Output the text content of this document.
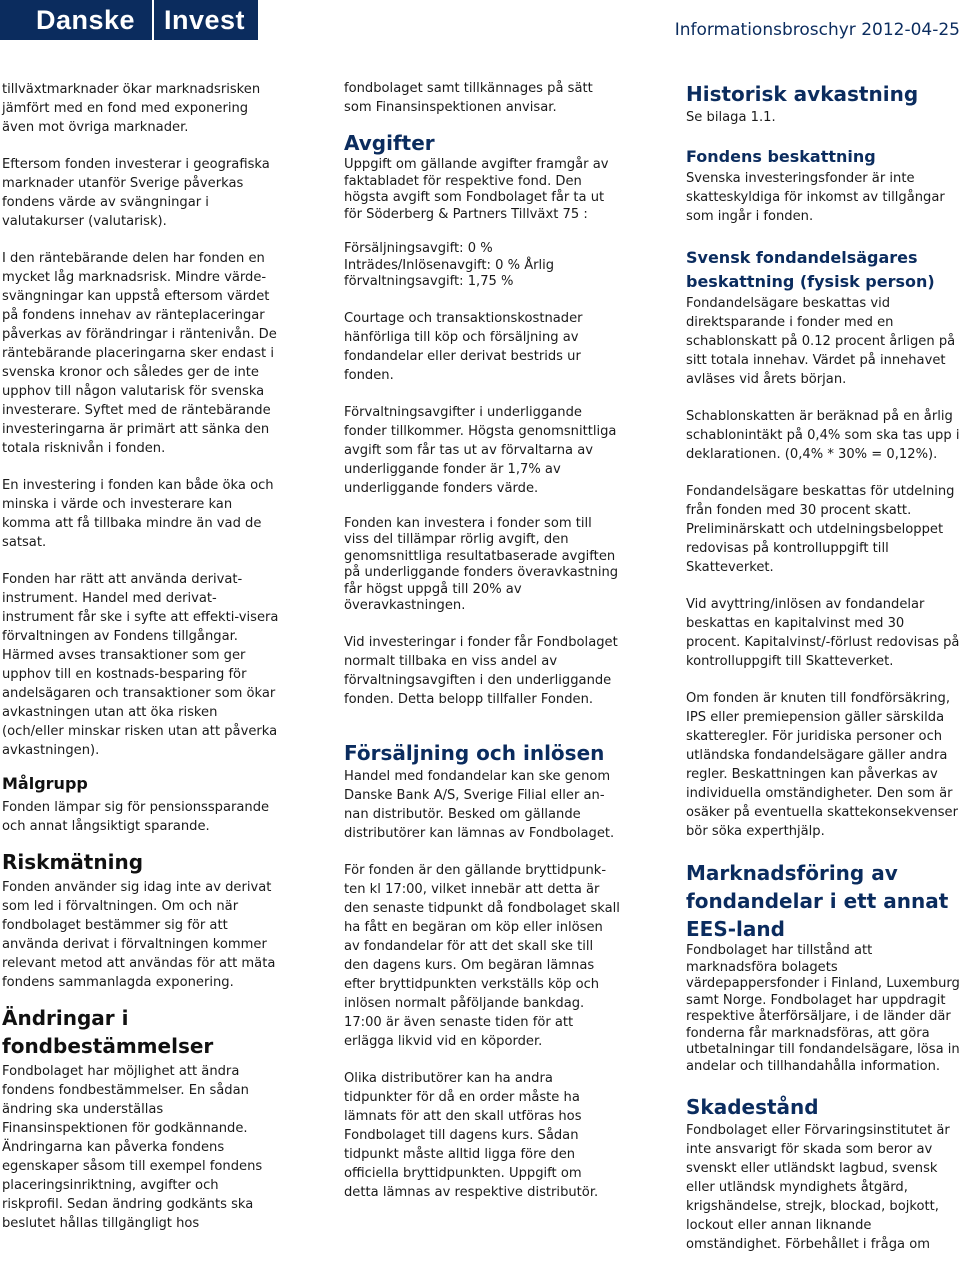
Danske	Invest	Informationsbroschyr 2012-04-25

tillväxtmarknader ökar marknadsrisken jämfört med en fond med exponering även mot övriga marknader.

Eftersom fonden investerar i geografiska marknader utanför Sverige påverkas fondens värde av svängningar i valutakurser (valutarisk).

I den räntebärande delen har fonden en mycket låg marknadsrisk. Mindre värde-svängningar kan uppstå eftersom värdet på fondens innehav av ränteplaceringar påverkas av förändringar i räntenivån. De räntebärande placeringarna sker endast i svenska kronor och således ger de inte upphov till någon valutarisk för svenska investerare. Syftet med de räntebärande investeringarna är primärt att sänka den totala risknivån i fonden.

En investering i fonden kan både öka och minska i värde och investerare kan komma att få tillbaka mindre än vad de satsat.

Fonden har rätt att använda derivat-instrument. Handel med derivat-instrument får ske i syfte att effekti-visera förvaltningen av Fondens tillgångar. Härmed avses transaktioner som ger upphov till en kostnads-besparing för andelsägaren och transaktioner som ökar avkastningen utan att öka risken (och/eller minskar risken utan att påverka avkastningen).

Målgrupp

Fonden lämpar sig för pensionssparande och annat långsiktigt sparande.

Riskmätning

Fonden använder sig idag inte av derivat som led i förvaltningen. Om och när fondbolaget bestämmer sig för att använda derivat i förvaltningen kommer relevant metod att användas för att mäta fondens sammanlagda exponering.

Ändringar i fondbestämmelser

Fondbolaget har möjlighet att ändra fondens fondbestämmelser. En sådan ändring ska underställas Finansinspektionen för godkännande. Ändringarna kan påverka fondens egenskaper såsom till exempel fondens placeringsinriktning, avgifter och riskprofil. Sedan ändring godkänts ska beslutet hållas tillgängligt hos

fondbolaget samt tillkännages på sätt som Finansinspektionen anvisar.

Avgifter

Uppgift om gällande avgifter framgår av faktabladet för respektive fond. Den högsta avgift som Fondbolaget får ta ut för Söderberg & Partners Tillväxt 75 :

Försäljningsavgift: 0 % Inträdes/Inlösenavgift: 0 % Årlig förvaltningsavgift: 1,75 %

Courtage och transaktionskostnader hänförliga till köp och försäljning av fondandelar eller derivat bestrids ur fonden.

Förvaltningsavgifter i underliggande fonder tillkommer. Högsta genomsnittliga avgift som får tas ut av förvaltarna av underliggande fonder är 1,7% av underliggande fonders värde.

Fonden kan investera i fonder som till viss del tillämpar rörlig avgift, den genomsnittliga resultatbaserade avgiften på underliggande fonders överavkastning får högst uppgå till 20% av överavkastningen.

Vid investeringar i fonder får Fondbolaget normalt tillbaka en viss andel av förvaltningsavgiften i den underliggande fonden. Detta belopp tillfaller Fonden.

Försäljning och inlösen

Handel med fondandelar kan ske genom Danske Bank A/S, Sverige Filial eller an-nan distributör. Besked om gällande distributörer kan lämnas av Fondbolaget.

För fonden är den gällande bryttidpunk-ten kl 17:00, vilket innebär att detta är den senaste tidpunkt då fondbolaget skall ha fått en begäran om köp eller inlösen av fondandelar för att det skall ske till den dagens kurs. Om begäran lämnas efter bryttidpunkten verkställs köp och inlösen normalt påföljande bankdag. 17:00 är även senaste tiden för att erlägga likvid vid en köporder.

Olika distributörer kan ha andra tidpunkter för då en order måste ha lämnats för att den skall utföras hos Fondbolaget till dagens kurs. Sådan tidpunkt måste alltid ligga före den officiella bryttidpunkten. Uppgift om detta lämnas av respektive distributör.

Historisk avkastning

Se bilaga 1.1.

Fondens beskattning

Svenska investeringsfonder är inte skatteskyldiga för inkomst av tillgångar som ingår i fonden.

Svensk fondandelsägares beskattning (fysisk person)

Fondandelsägare beskattas vid direktsparande i fonder med en schablonskatt på 0.12 procent årligen på sitt totala innehav. Värdet på innehavet avläses vid årets början.

Schablonskatten är beräknad på en årlig schablonintäkt på 0,4% som ska tas upp i deklarationen. (0,4% * 30% = 0,12%).

Fondandelsägare beskattas för utdelning från fonden med 30 procent skatt. Preliminärskatt och utdelningsbeloppet redovisas på kontrolluppgift till Skatteverket.

Vid avyttring/inlösen av fondandelar beskattas en kapitalvinst med 30 procent. Kapitalvinst/-förlust redovisas på kontrolluppgift till Skatteverket.

Om fonden är knuten till fondförsäkring, IPS eller premiepension gäller särskilda skatteregler. För juridiska personer och utländska fondandelsägare gäller andra regler. Beskattningen kan påverkas av individuella omständigheter. Den som är osäker på eventuella skattekonsekvenser bör söka experthjälp.

Marknadsföring av fondandelar i ett annat EES-land

Fondbolaget har tillstånd att marknadsföra bolagets värdepappersfonder i Finland, Luxemburg samt Norge. Fondbolaget har uppdragit respektive återförsäljare, i de länder där fonderna får marknadsföras, att göra utbetalningar till fondandelsägare, lösa in andelar och tillhandahålla information.

Skadestånd

Fondbolaget eller Förvaringsinstitutet är inte ansvarigt för skada som beror av svenskt eller utländskt lagbud, svensk eller utländsk myndighets åtgärd, krigshändelse, strejk, blockad, bojkott, lockout eller annan liknande omständighet. Förbehållet i fråga om
